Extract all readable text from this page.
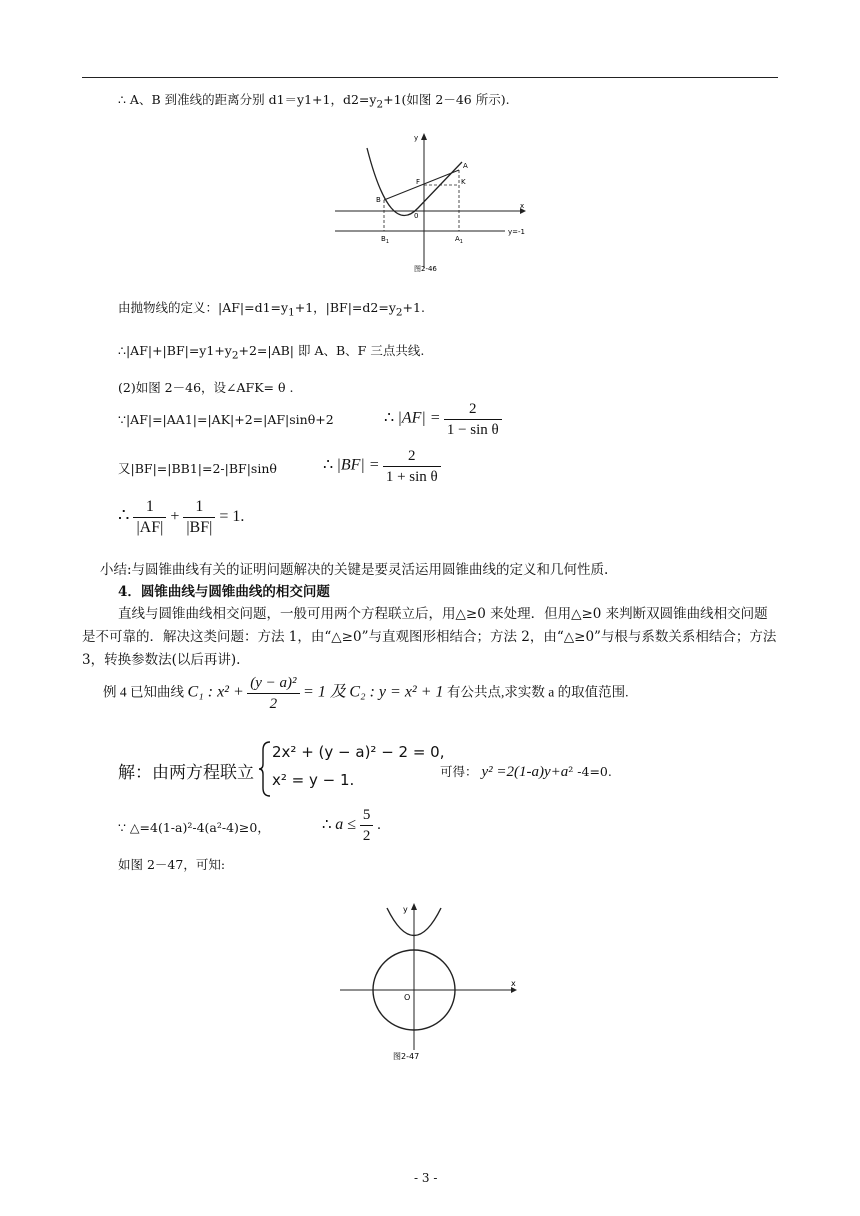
∴ A、B 到准线的距离分别 d1＝y1+1，$d2=y_2+1$(如图 2－46 所示).
y
x
A
K
F
B
0
$B_1$	$A_1$
y=-1
图2-46
由抛物线的定义：$|AF|=d1=y_1+1$，$|BF|=d2=y_2+1$.
$\therefore|AF|+|BF|=y1+y_2+2=|AB|$ 即 A、B、F 三点共线.
(2)如图 2－46，设∠AFK= θ .
∵|AF|=|AA1|=|AK|+2=|AF|sinθ+2	∴ $|AF| = \frac{2}{\text{1 − sin θ}}$
又|BF|=|BB1|=2-|BF|sinθ	∴ $|BF| = \frac{2}{\text{1 + sin θ}}$
∴ $\frac{1}{|AF|} + \frac{1}{|BF|} = 1$.
小结:与圆锥曲线有关的证明问题解决的关键是要灵活运用圆锥曲线的定义和几何性质.
4．圆锥曲线与圆锥曲线的相交问题
直线与圆锥曲线相交问题，一般可用两个方程联立后，用△≥0 来处理．但用△≥0 来判断双圆锥曲线相交问题是不可靠的．解决这类问题：方法 1，由“△≥0”与直观图形相结合；方法 2，由“△≥0”与根与系数关系相结合；方法 3，转换参数法(以后再讲).
例 4 已知曲线 C₁ : $x^2 + \frac{\text{(y − a)²}}{2} = 1$ 及 C₂ : y = x² + 1 有公共点,求实数 a 的取值范围.
解：由两方程联立
2x² + (y − a)² − 2 = 0,
x² = y − 1.	可得： y² =2(1-a)y+a² -4=0.
∵ △=4(1-a)²-4(a²-4)≥0，	∴ $a \le \frac{5}{2}$ .
如图 2－47，可知:
y
x
O
图2-47
- 3 -
